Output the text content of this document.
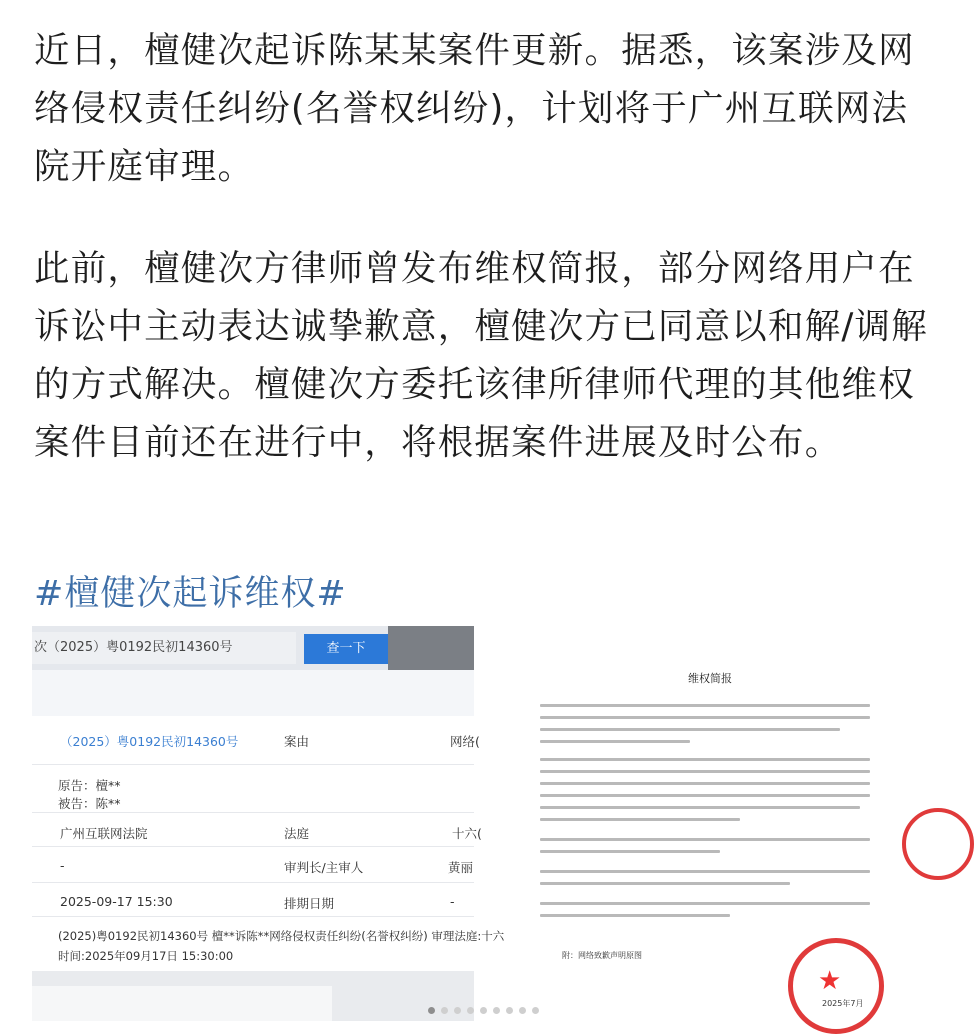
近日，檀健次起诉陈某某案件更新。据悉，该案涉及网络侵权责任纠纷(名誉权纠纷)，计划将于广州互联网法院开庭审理。

此前，檀健次方律师曾发布维权简报，部分网络用户在诉讼中主动表达诚挚歉意，檀健次方已同意以和解/调解的方式解决。檀健次方委托该律所律师代理的其他维权案件目前还在进行中，将根据案件进展及时公布。

#檀健次起诉维权#
次（2025）粤0192民初14360号	查一下
（2025）粤0192民初14360号	案由	网络(
原告：檀**
被告：陈**
广州互联网法院	法庭	十六(
-	审判长/主审人	黄丽
2025-09-17 15:30	排期日期	-
(2025)粤0192民初14360号 檀**诉陈**网络侵权责任纠纷(名誉权纠纷) 审理法庭:十六
时间:2025年09月17日 15:30:00
维权简报
附：网络致歉声明原图
★
2025年7月
